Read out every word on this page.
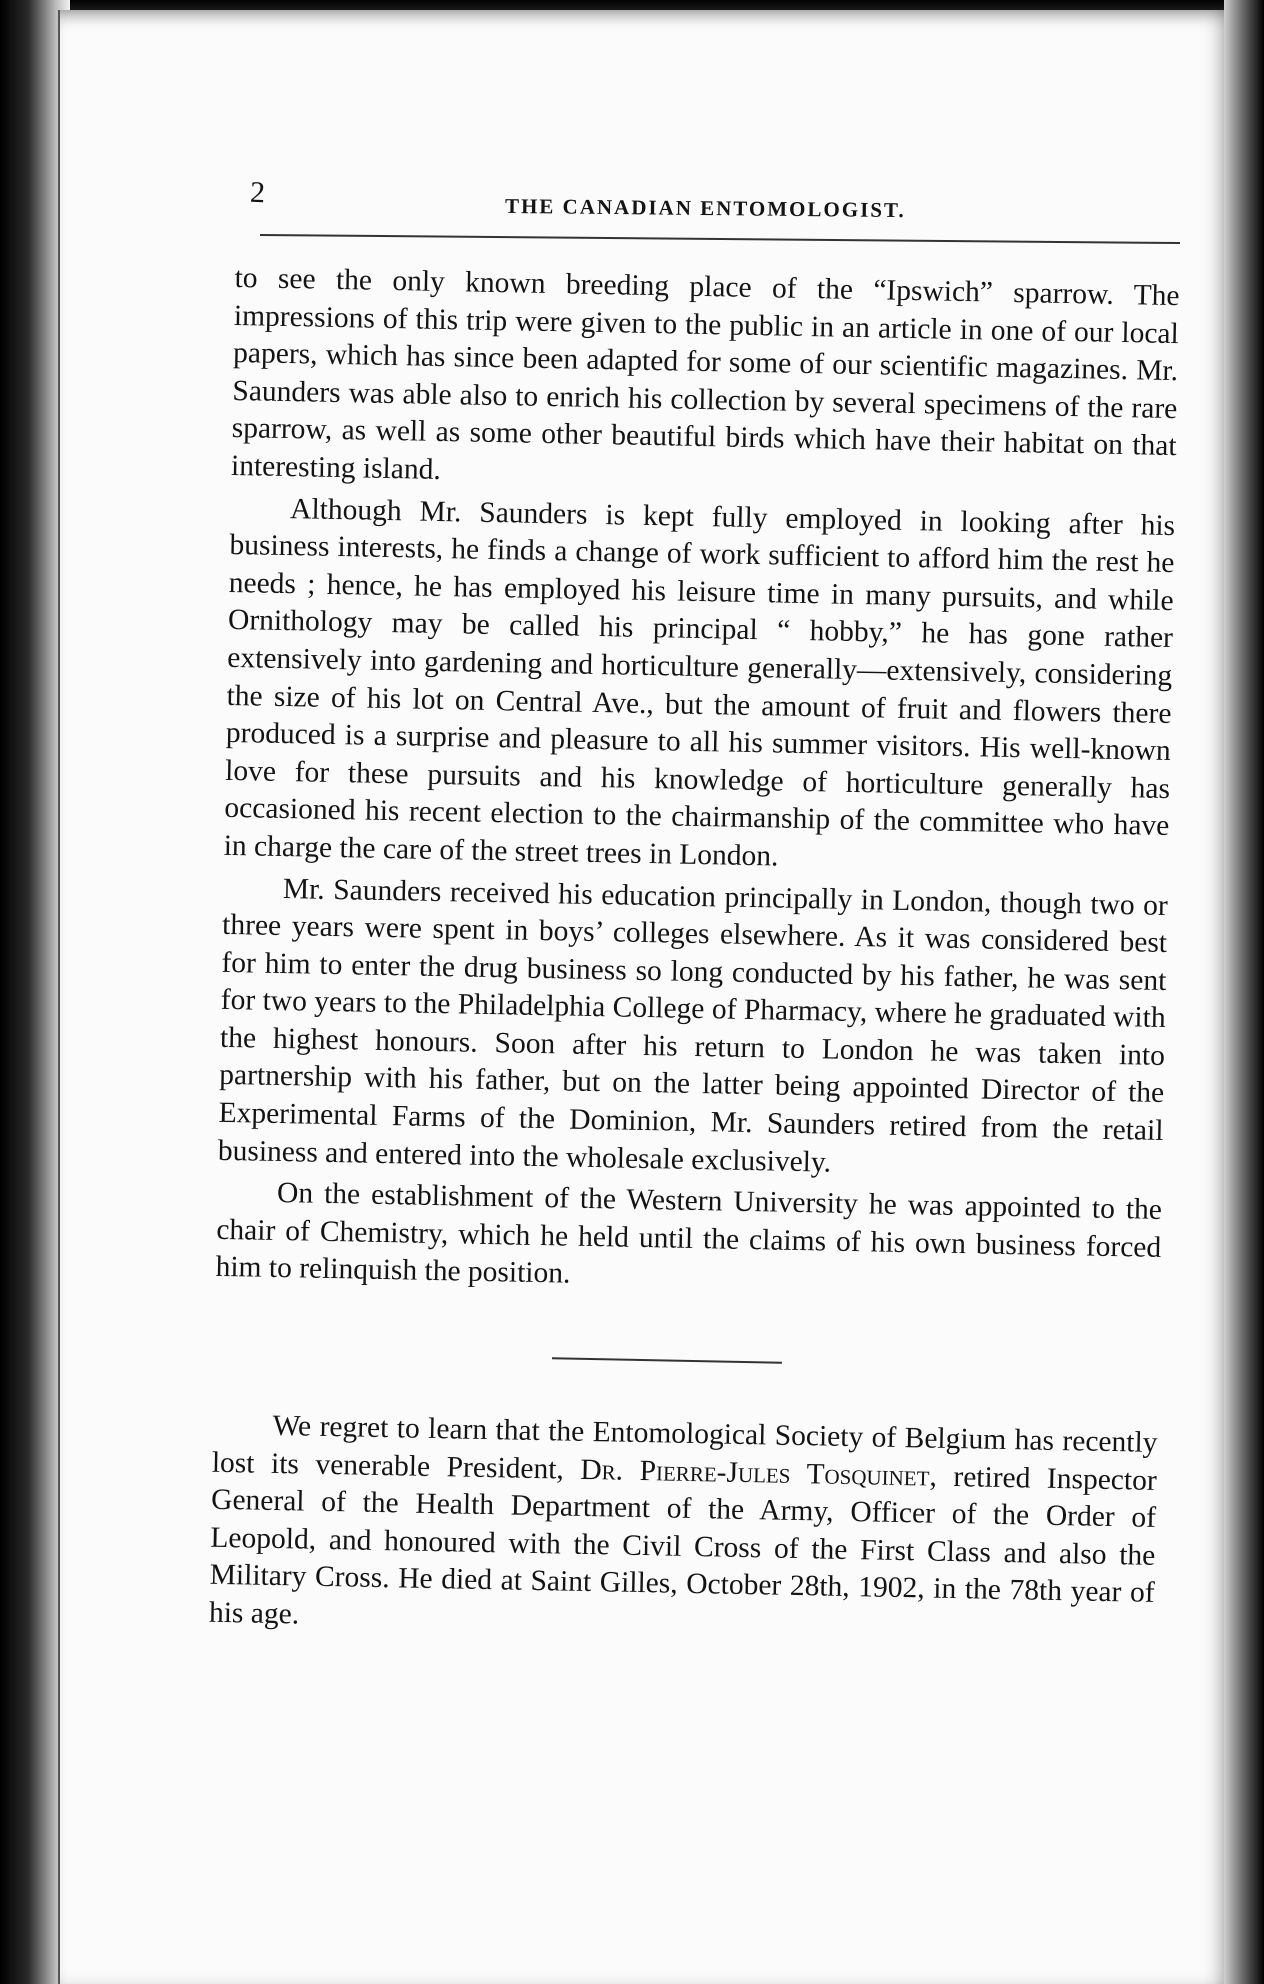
2	THE CANADIAN ENTOMOLOGIST.

to see the only known breeding place of the “Ipswich” sparrow. The impressions of this trip were given to the public in an article in one of our local papers, which has since been adapted for some of our scientific magazines. Mr. Saunders was able also to enrich his collection by several specimens of the rare sparrow, as well as some other beautiful birds which have their habitat on that interesting island.

Although Mr. Saunders is kept fully employed in looking after his business interests, he finds a change of work sufficient to afford him the rest he needs ; hence, he has employed his leisure time in many pursuits, and while Ornithology may be called his principal “ hobby,” he has gone rather extensively into gardening and horticulture generally—extensively, considering the size of his lot on Central Ave., but the amount of fruit and flowers there produced is a surprise and pleasure to all his summer visitors. His well-known love for these pursuits and his knowledge of horticulture generally has occasioned his recent election to the chairmanship of the committee who have in charge the care of the street trees in London.

Mr. Saunders received his education principally in London, though two or three years were spent in boys’ colleges elsewhere. As it was considered best for him to enter the drug business so long conducted by his father, he was sent for two years to the Philadelphia College of Pharmacy, where he graduated with the highest honours. Soon after his return to London he was taken into partnership with his father, but on the latter being appointed Director of the Experimental Farms of the Dominion, Mr. Saunders retired from the retail business and entered into the wholesale exclusively.

On the establishment of the Western University he was appointed to the chair of Chemistry, which he held until the claims of his own business forced him to relinquish the position.

We regret to learn that the Entomological Society of Belgium has recently lost its venerable President, Dr. Pierre-Jules Tosquinet, retired Inspector General of the Health Department of the Army, Officer of the Order of Leopold, and honoured with the Civil Cross of the First Class and also the Military Cross. He died at Saint Gilles, October 28th, 1902, in the 78th year of his age.
